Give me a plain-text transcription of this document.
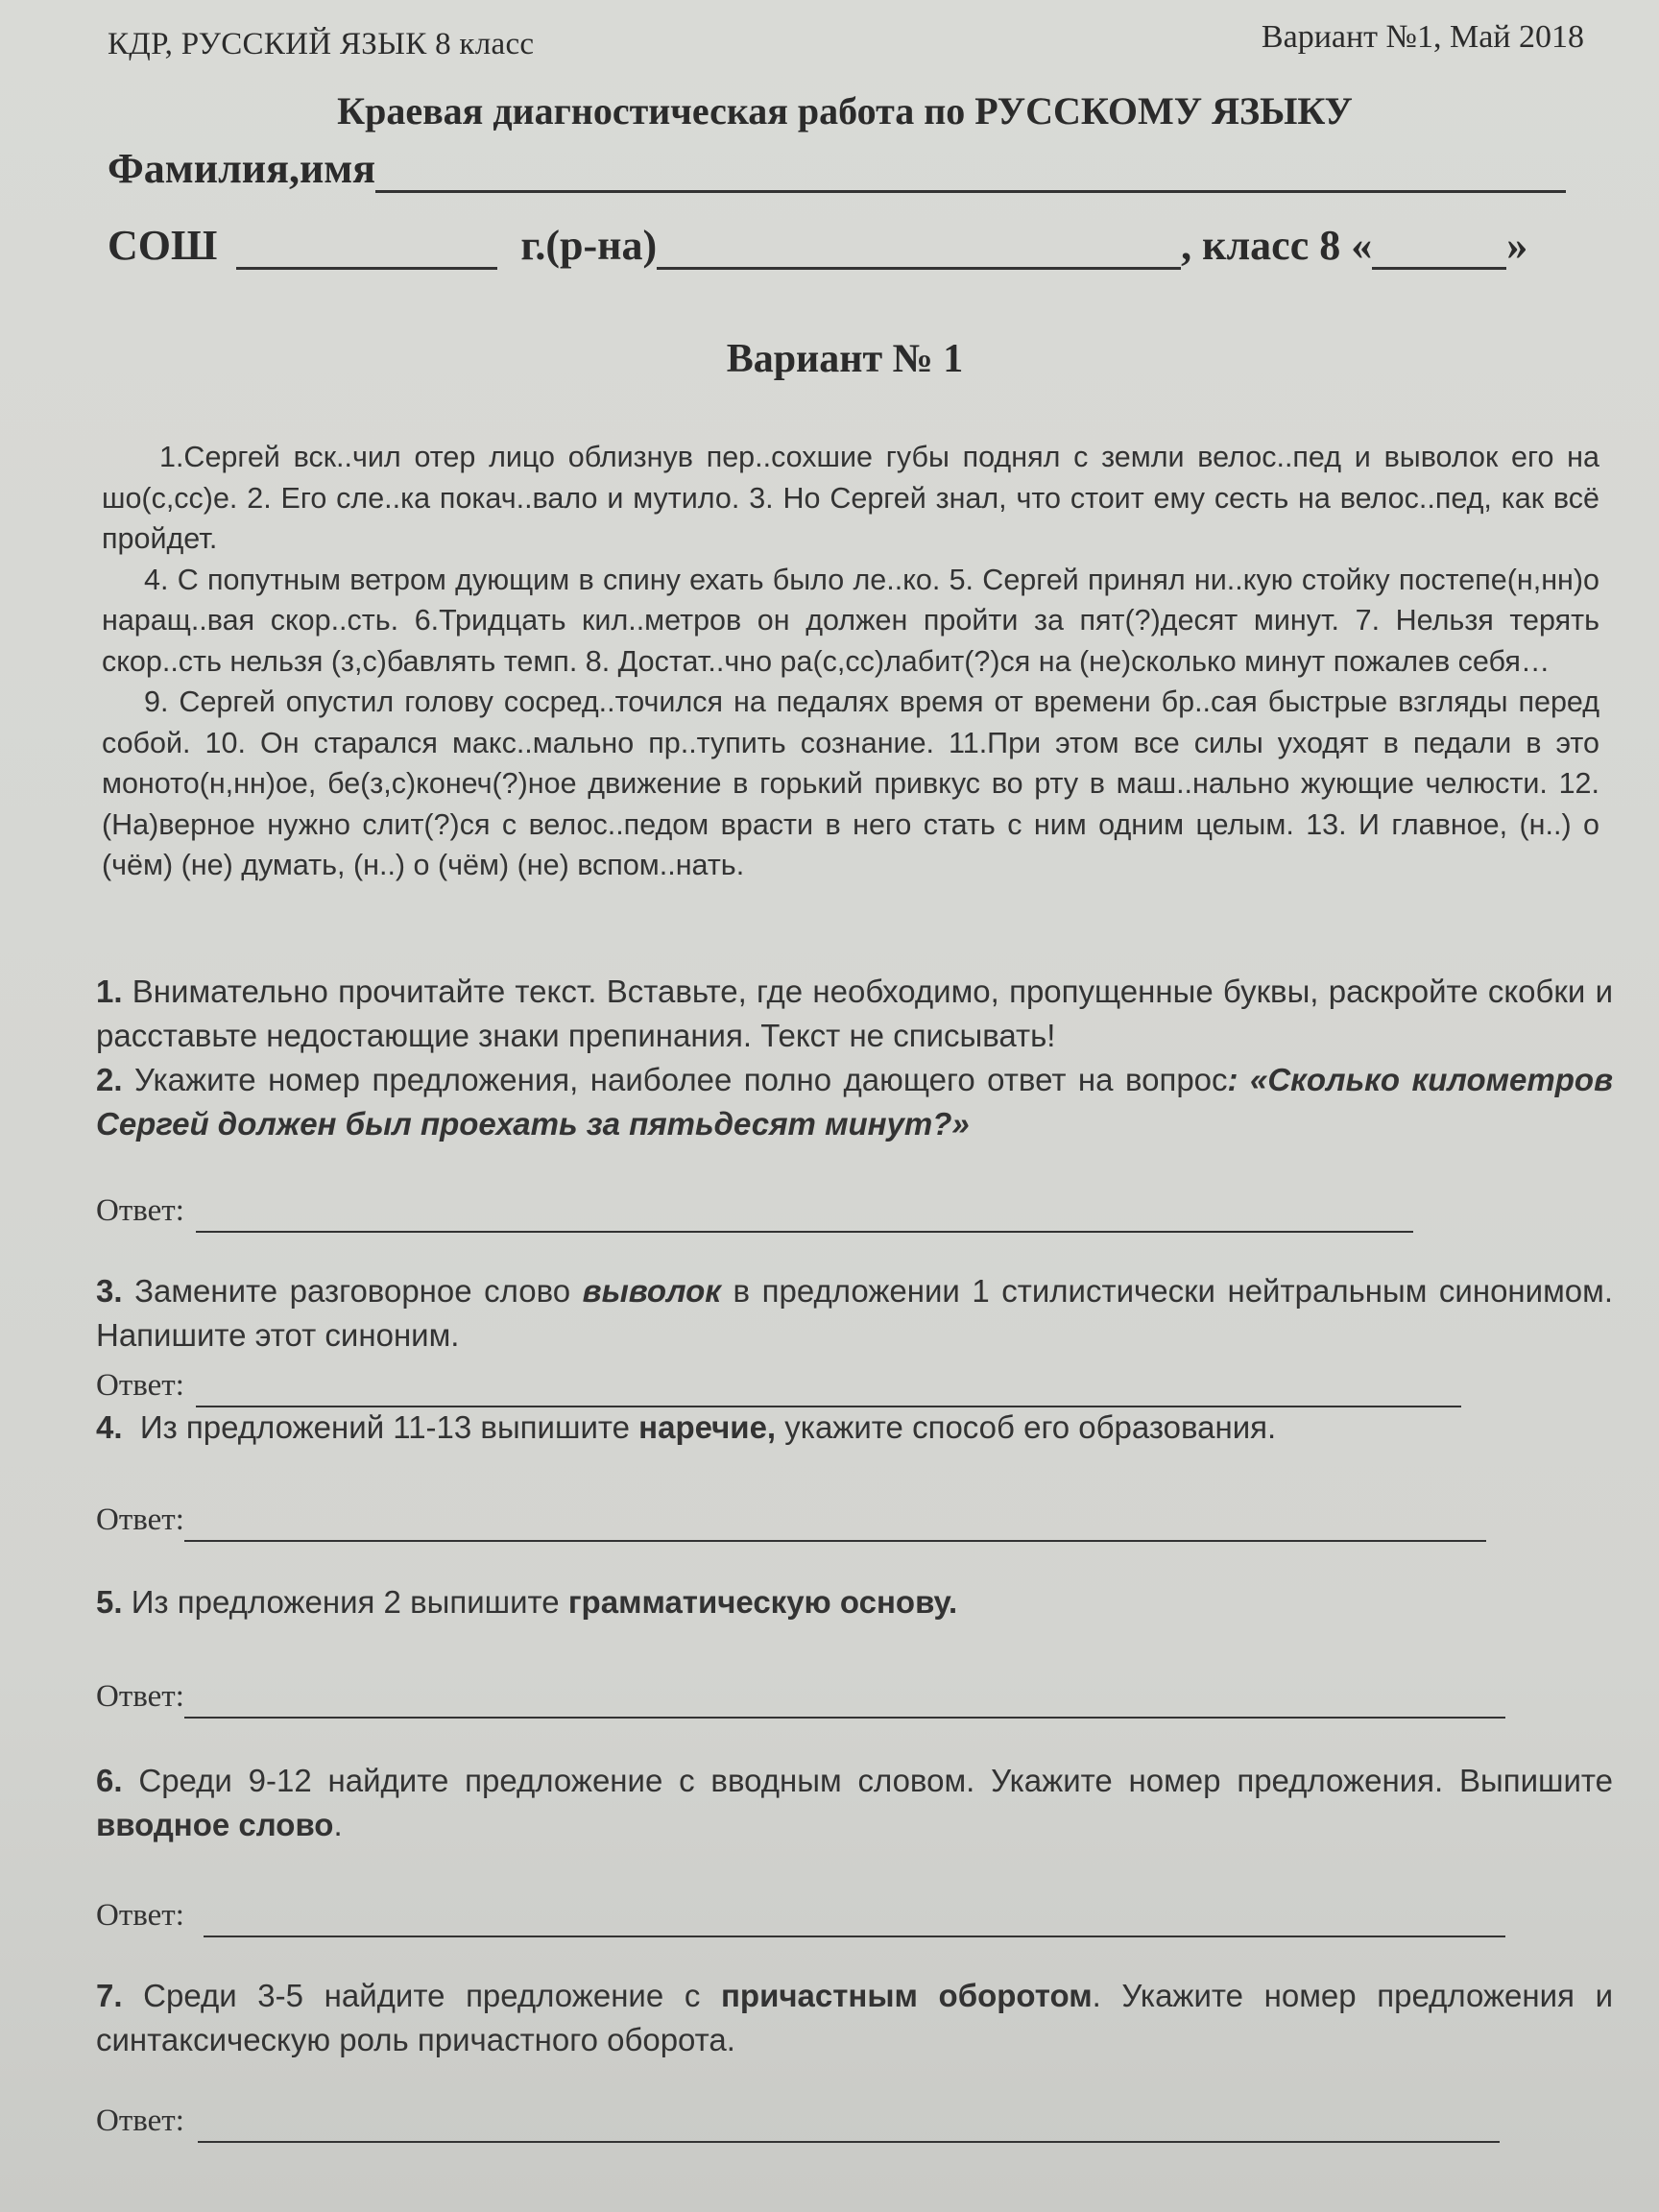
КДР, РУССКИЙ ЯЗЫК 8 класс	Вариант №1, Май 2018
Краевая диагностическая работа по РУССКОМУ ЯЗЫКУ
Фамилия,имя
СОШ	г.(р-на)	, класс 8 «	»
Вариант № 1

1.Сергей вск..чил отер лицо облизнув пер..сохшие губы поднял с земли велос..пед и выволок его на шо(с,сс)е. 2. Его сле..ка покач..вало и мутило. 3. Но Сергей знал, что стоит ему сесть на велос..пед, как всё пройдет.

4. С попутным ветром дующим в спину ехать было ле..ко. 5. Сергей принял ни..кую стойку постепе(н,нн)о наращ..вая скор..сть. 6.Тридцать кил..метров он должен пройти за пят(?)десят минут. 7. Нельзя терять скор..сть нельзя (з,с)бавлять темп. 8. Достат..чно ра(с,сс)лабит(?)ся на (не)сколько минут пожалев себя…

9. Сергей опустил голову сосред..точился на педалях время от времени бр..сая быстрые взгляды перед собой. 10. Он старался макс..мально пр..тупить сознание. 11.При этом все силы уходят в педали в это моното(н,нн)ое, бе(з,с)конеч(?)ное движение в горький привкус во рту в маш..нально жующие челюсти. 12. (На)верное нужно слит(?)ся с велос..педом врасти в него стать с ним одним целым. 13. И главное, (н..) о (чём) (не) думать, (н..) о (чём) (не) вспом..нать.

1. Внимательно прочитайте текст. Вставьте, где необходимо, пропущенные буквы, раскройте скобки и расставьте недостающие знаки препинания. Текст не списывать!

2. Укажите номер предложения, наиболее полно дающего ответ на вопрос: «Сколько километров Сергей должен был проехать за пятьдесят минут?»

Ответ:

3. Замените разговорное слово выволок в предложении 1 стилистически нейтральным синонимом. Напишите этот синоним.

Ответ:

4. Из предложений 11-13 выпишите наречие, укажите способ его образования.

Ответ:

5. Из предложения 2 выпишите грамматическую основу.

Ответ:

6. Среди 9-12 найдите предложение с вводным словом. Укажите номер предложения. Выпишите вводное слово.

Ответ:

7. Среди 3-5 найдите предложение с причастным оборотом. Укажите номер предложения и синтаксическую роль причастного оборота.

Ответ:
